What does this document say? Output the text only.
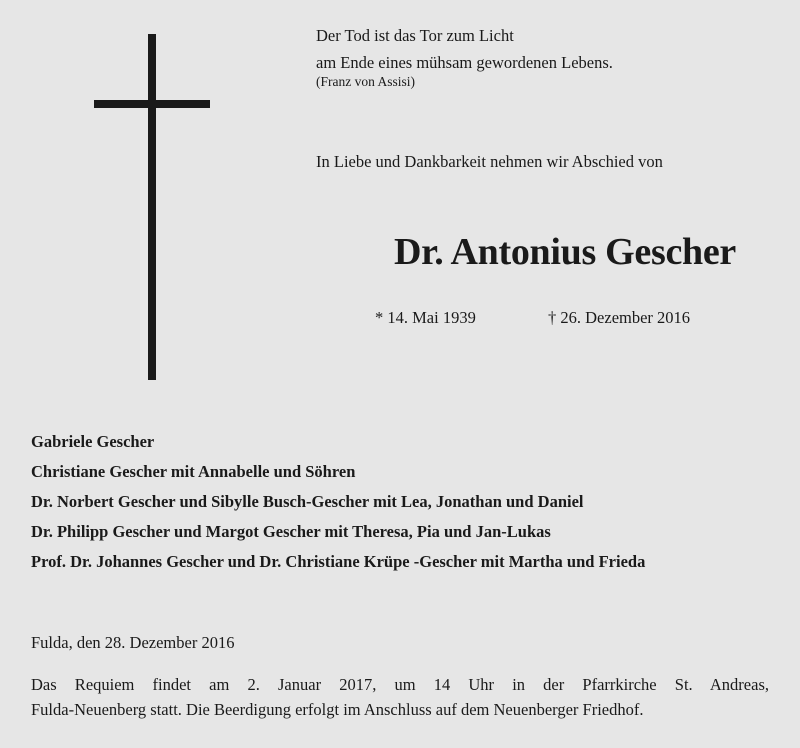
Der Tod ist das Tor zum Licht
am Ende eines mühsam gewordenen Lebens.
(Franz von Assisi)
In Liebe und Dankbarkeit nehmen wir Abschied von
Dr. Antonius Gescher
* 14. Mai 1939	† 26. Dezember 2016
Gabriele Gescher
Christiane Gescher mit Annabelle und Söhren
Dr. Norbert Gescher und Sibylle Busch-Gescher mit Lea, Jonathan und Daniel
Dr. Philipp Gescher und Margot Gescher mit Theresa, Pia und Jan-Lukas
Prof. Dr. Johannes Gescher und Dr. Christiane Krüpe -Gescher mit Martha und Frieda
Fulda, den 28. Dezember 2016
Das Requiem findet am 2. Januar 2017, um 14 Uhr in der Pfarrkirche St. Andreas,
Fulda-Neuenberg statt. Die Beerdigung erfolgt im Anschluss auf dem Neuenberger Friedhof.
